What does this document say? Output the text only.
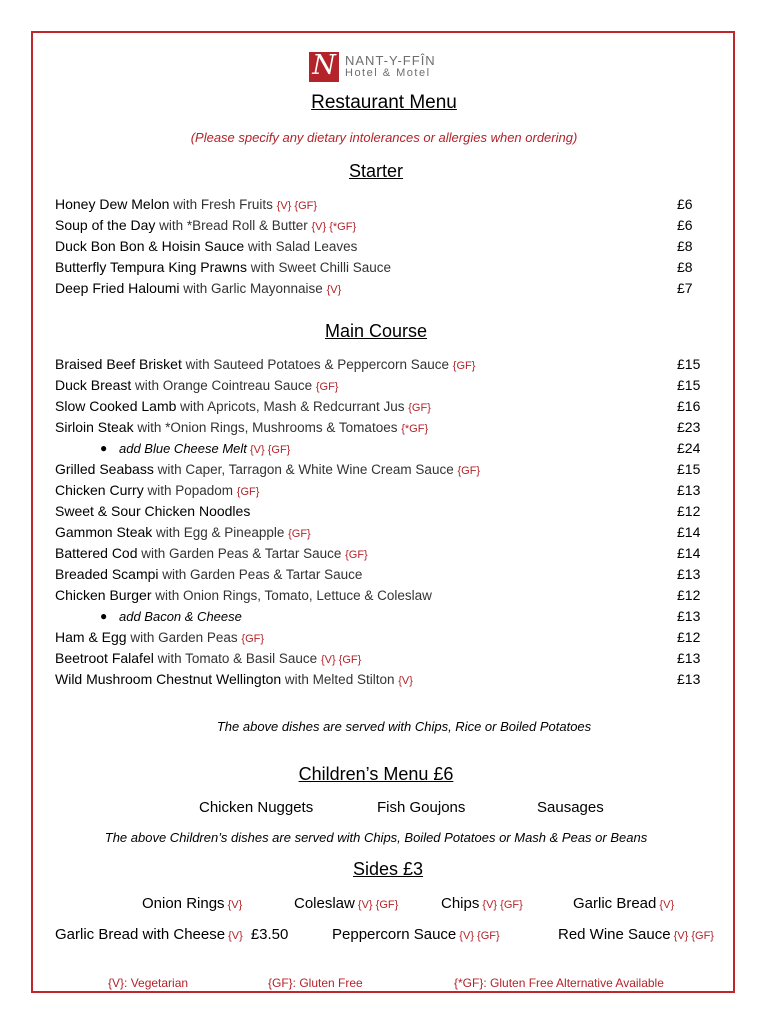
N NANT-Y-FFÎN
Hotel & Motel
Restaurant Menu
(Please specify any dietary intolerances or allergies when ordering)
Starter
Honey Dew Melon with Fresh Fruits {V} {GF}	£6
Soup of the Day with *Bread Roll & Butter {V} {*GF}	£6
Duck Bon Bon & Hoisin Sauce with Salad Leaves	£8
Butterfly Tempura King Prawns with Sweet Chilli Sauce	£8
Deep Fried Haloumi with Garlic Mayonnaise {V}	£7
Main Course
Braised Beef Brisket with Sauteed Potatoes & Peppercorn Sauce {GF}	£15
Duck Breast with Orange Cointreau Sauce {GF}	£15
Slow Cooked Lamb with Apricots, Mash & Redcurrant Jus {GF}	£16
Sirloin Steak with *Onion Rings, Mushrooms & Tomatoes {*GF}	£23
● add Blue Cheese Melt {V} {GF}	£24
Grilled Seabass with Caper, Tarragon & White Wine Cream Sauce {GF}	£15
Chicken Curry with Popadom {GF}	£13
Sweet & Sour Chicken Noodles	£12
Gammon Steak with Egg & Pineapple {GF}	£14
Battered Cod with Garden Peas & Tartar Sauce {GF}	£14
Breaded Scampi with Garden Peas & Tartar Sauce	£13
Chicken Burger with Onion Rings, Tomato, Lettuce & Coleslaw	£12
● add Bacon & Cheese	£13
Ham & Egg with Garden Peas {GF}	£12
Beetroot Falafel with Tomato & Basil Sauce {V} {GF}	£13
Wild Mushroom Chestnut Wellington with Melted Stilton {V}	£13
The above dishes are served with Chips, Rice or Boiled Potatoes
Children’s Menu £6
Chicken Nuggets	Fish Goujons	Sausages
The above Children’s dishes are served with Chips, Boiled Potatoes or Mash & Peas or Beans
Sides £3
Onion Rings {V}	Coleslaw {V} {GF}	Chips {V} {GF}	Garlic Bread {V}
Garlic Bread with Cheese {V} £3.50	Peppercorn Sauce {V} {GF}	Red Wine Sauce {V} {GF}
{V}: Vegetarian	{GF}: Gluten Free	{*GF}: Gluten Free Alternative Available
